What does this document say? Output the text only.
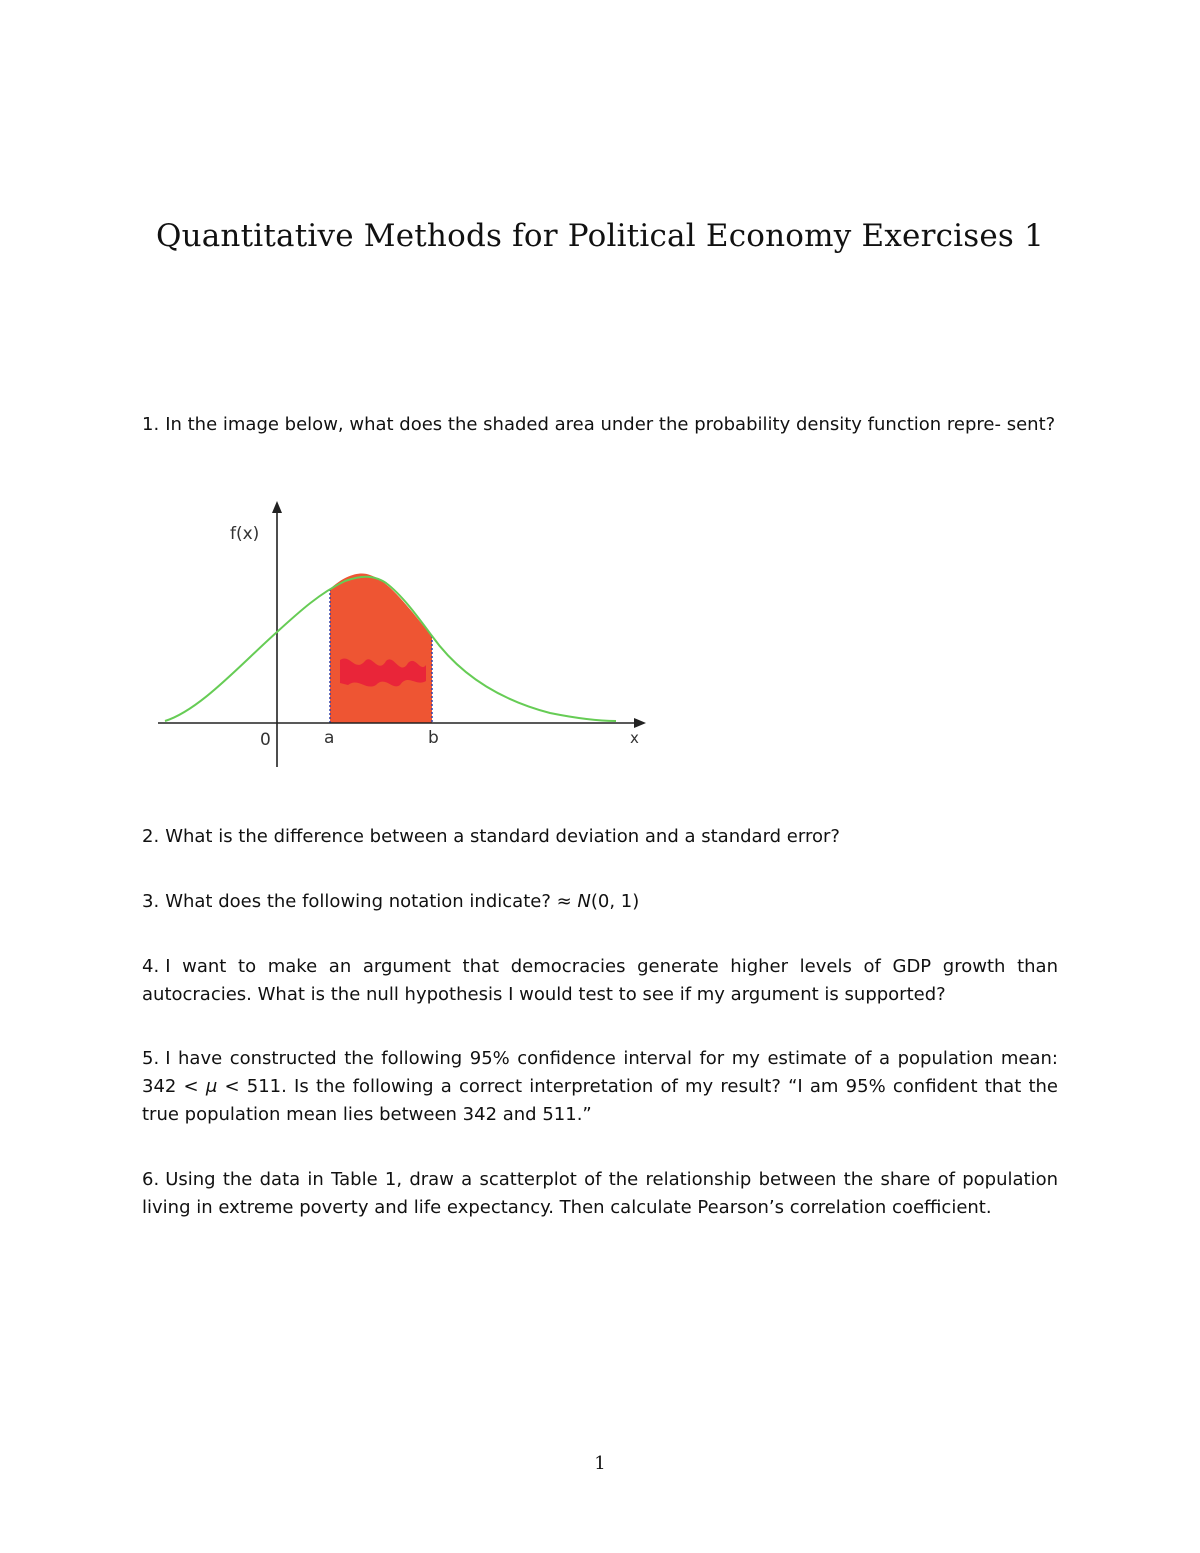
Quantitative Methods for Political Economy Exercises 1
1. In the image below, what does the shaded area under the probability density function repre- sent?
f(x)
0	a	b	x
2. What is the difference between a standard deviation and a standard error?
3. What does the following notation indicate? ≈ N(0, 1)
4. I want to make an argument that democracies generate higher levels of GDP growth than autocracies. What is the null hypothesis I would test to see if my argument is supported?
5. I have constructed the following 95% confidence interval for my estimate of a population mean: 342 < μ < 511. Is the following a correct interpretation of my result? “I am 95% confident that the true population mean lies between 342 and 511.”
6. Using the data in Table 1, draw a scatterplot of the relationship between the share of population living in extreme poverty and life expectancy. Then calculate Pearson’s correlation coefficient.
1
